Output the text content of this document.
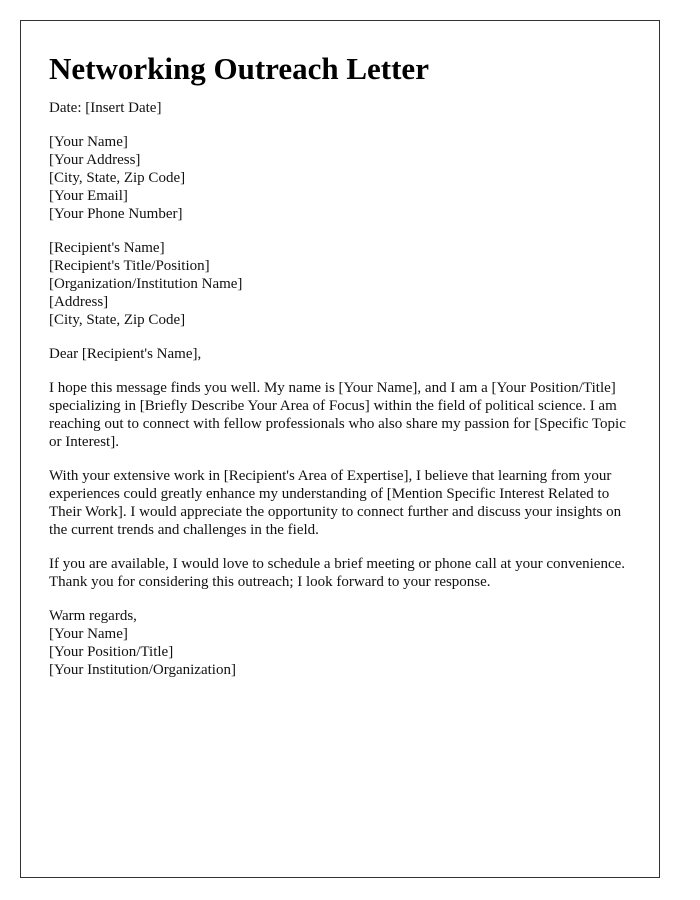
Networking Outreach Letter
Date: [Insert Date]
[Your Name]
[Your Address]
[City, State, Zip Code]
[Your Email]
[Your Phone Number]
[Recipient's Name]
[Recipient's Title/Position]
[Organization/Institution Name]
[Address]
[City, State, Zip Code]
Dear [Recipient's Name],

I hope this message finds you well. My name is [Your Name], and I am a [Your Position/Title] specializing in [Briefly Describe Your Area of Focus] within the field of political science. I am reaching out to connect with fellow professionals who also share my passion for [Specific Topic or Interest].

With your extensive work in [Recipient's Area of Expertise], I believe that learning from your experiences could greatly enhance my understanding of [Mention Specific Interest Related to Their Work]. I would appreciate the opportunity to connect further and discuss your insights on the current trends and challenges in the field.

If you are available, I would love to schedule a brief meeting or phone call at your convenience. Thank you for considering this outreach; I look forward to your response.

Warm regards,
[Your Name]
[Your Position/Title]
[Your Institution/Organization]
